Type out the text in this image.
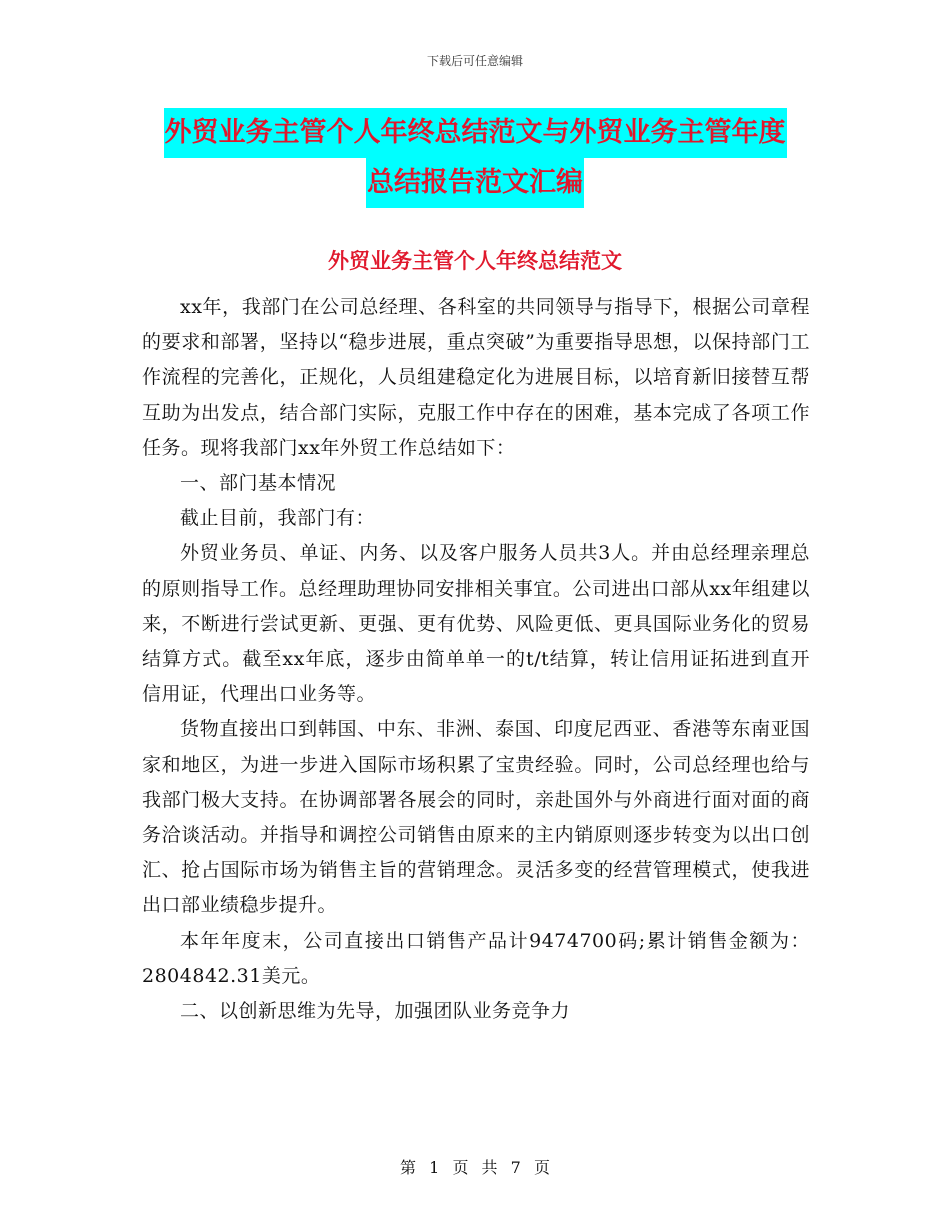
下载后可任意编辑
外贸业务主管个人年终总结范文与外贸业务主管年度
总结报告范文汇编
外贸业务主管个人年终总结范文

xx年，我部门在公司总经理、各科室的共同领导与指导下，根据公司章程的要求和部署，坚持以“稳步进展，重点突破”为重要指导思想，以保持部门工作流程的完善化，正规化，人员组建稳定化为进展目标，以培育新旧接替互帮互助为出发点，结合部门实际，克服工作中存在的困难，基本完成了各项工作任务。现将我部门xx年外贸工作总结如下：

一、部门基本情况

截止目前，我部门有：

外贸业务员、单证、内务、以及客户服务人员共3人。并由总经理亲理总的原则指导工作。总经理助理协同安排相关事宜。公司进出口部从xx年组建以来，不断进行尝试更新、更强、更有优势、风险更低、更具国际业务化的贸易结算方式。截至xx年底，逐步由简单单一的t/t结算，转让信用证拓进到直开信用证，代理出口业务等。

货物直接出口到韩国、中东、非洲、泰国、印度尼西亚、香港等东南亚国家和地区，为进一步进入国际市场积累了宝贵经验。同时，公司总经理也给与我部门极大支持。在协调部署各展会的同时，亲赴国外与外商进行面对面的商务洽谈活动。并指导和调控公司销售由原来的主内销原则逐步转变为以出口创汇、抢占国际市场为销售主旨的营销理念。灵活多变的经营管理模式，使我进出口部业绩稳步提升。

本年年度末，公司直接出口销售产品计9474700码;累计销售金额为：2804842.31美元。

二、以创新思维为先导，加强团队业务竞争力

第 1 页 共 7 页
